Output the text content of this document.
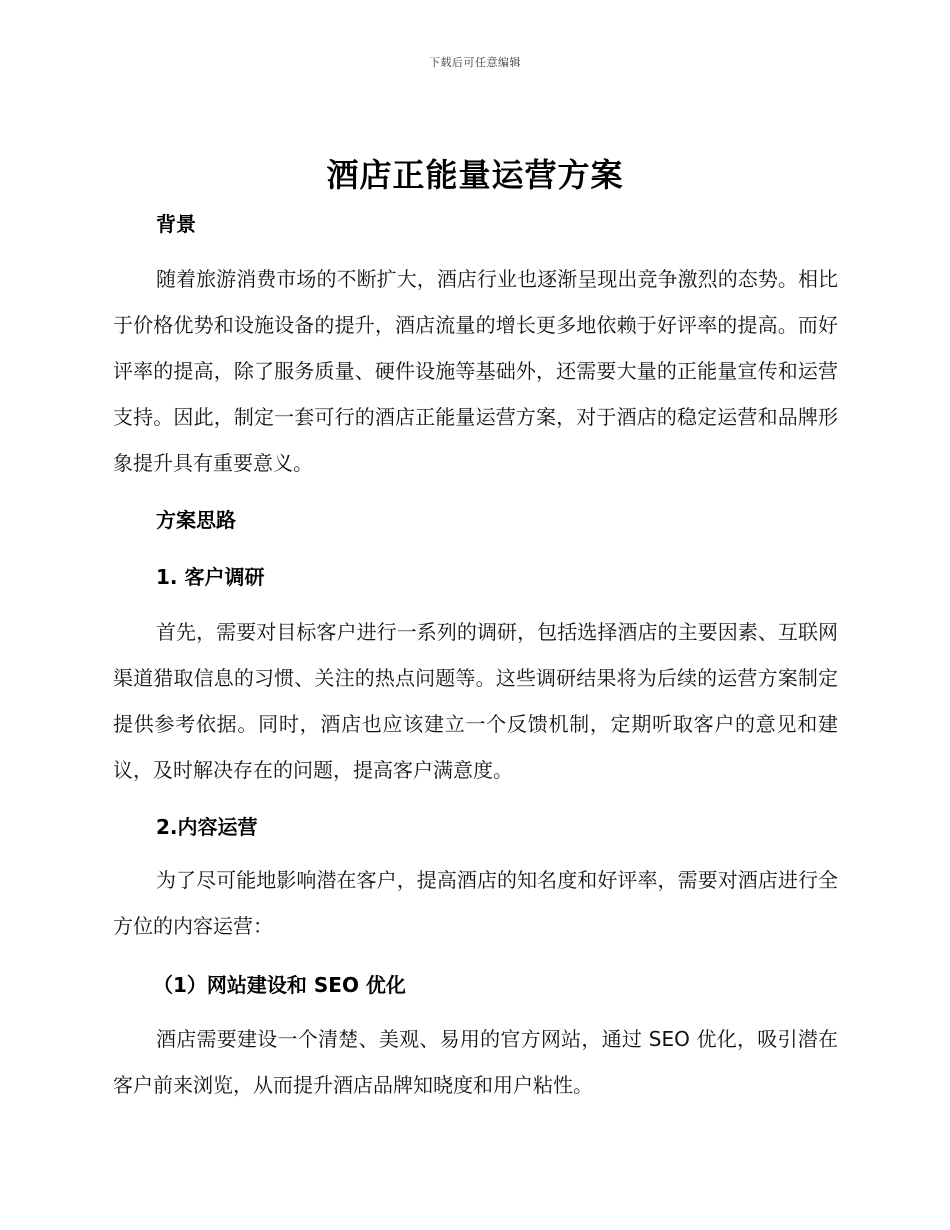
下载后可任意编辑
酒店正能量运营方案
背景

随着旅游消费市场的不断扩大，酒店行业也逐渐呈现出竞争激烈的态势。相比于价格优势和设施设备的提升，酒店流量的增长更多地依赖于好评率的提高。而好评率的提高，除了服务质量、硬件设施等基础外，还需要大量的正能量宣传和运营支持。因此，制定一套可行的酒店正能量运营方案，对于酒店的稳定运营和品牌形象提升具有重要意义。

方案思路
1. 客户调研

首先，需要对目标客户进行一系列的调研，包括选择酒店的主要因素、互联网渠道猎取信息的习惯、关注的热点问题等。这些调研结果将为后续的运营方案制定提供参考依据。同时，酒店也应该建立一个反馈机制，定期听取客户的意见和建议，及时解决存在的问题，提高客户满意度。

2.内容运营

为了尽可能地影响潜在客户，提高酒店的知名度和好评率，需要对酒店进行全方位的内容运营：

（1）网站建设和 SEO 优化

酒店需要建设一个清楚、美观、易用的官方网站，通过 SEO 优化，吸引潜在客户前来浏览，从而提升酒店品牌知晓度和用户粘性。
